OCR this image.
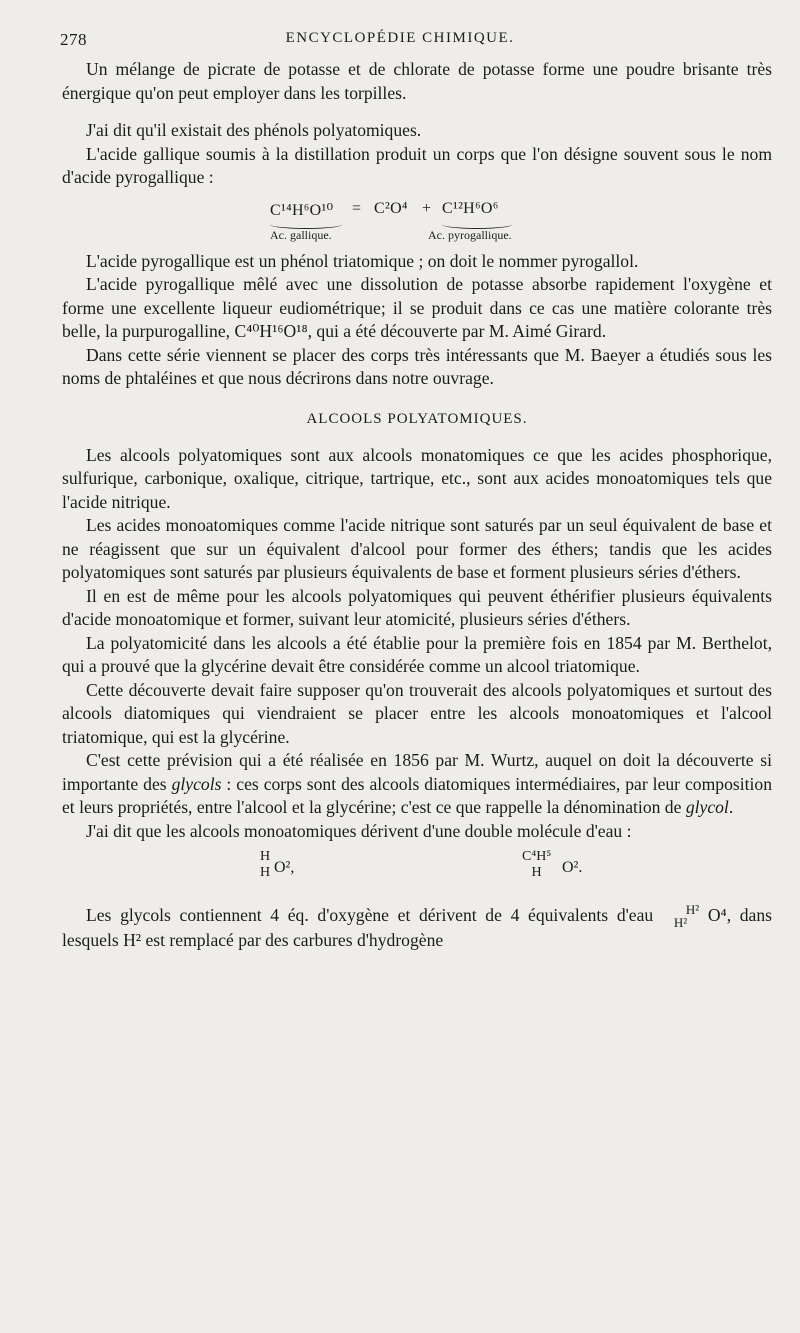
278	ENCYCLOPÉDIE CHIMIQUE.

Un mélange de picrate de potasse et de chlorate de potasse forme une poudre brisante très énergique qu'on peut employer dans les torpilles.

J'ai dit qu'il existait des phénols polyatomiques.

L'acide gallique soumis à la distillation produit un corps que l'on désigne souvent sous le nom d'acide pyrogallique :

C¹⁴H⁶O¹⁰
Ac. gallique.
= C²O⁴ + C¹²H⁶O⁶
Ac. pyrogallique.

L'acide pyrogallique est un phénol triatomique ; on doit le nommer pyrogallol.

L'acide pyrogallique mêlé avec une dissolution de potasse absorbe rapidement l'oxygène et forme une excellente liqueur eudiométrique; il se produit dans ce cas une matière colorante très belle, la purpurogalline, C⁴⁰H¹⁶O¹⁸, qui a été découverte par M. Aimé Girard.

Dans cette série viennent se placer des corps très intéressants que M. Baeyer a étudiés sous les noms de phtaléines et que nous décrirons dans notre ouvrage.

ALCOOLS POLYATOMIQUES.

Les alcools polyatomiques sont aux alcools monatomiques ce que les acides phosphorique, sulfurique, carbonique, oxalique, citrique, tartrique, etc., sont aux acides monoatomiques tels que l'acide nitrique.

Les acides monoatomiques comme l'acide nitrique sont saturés par un seul équivalent de base et ne réagissent que sur un équivalent d'alcool pour former des éthers; tandis que les acides polyatomiques sont saturés par plusieurs équivalents de base et forment plusieurs séries d'éthers.

Il en est de même pour les alcools polyatomiques qui peuvent éthérifier plusieurs équivalents d'acide monoatomique et former, suivant leur atomicité, plusieurs séries d'éthers.

La polyatomicité dans les alcools a été établie pour la première fois en 1854 par M. Berthelot, qui a prouvé que la glycérine devait être considérée comme un alcool triatomique.

Cette découverte devait faire supposer qu'on trouverait des alcools polyatomiques et surtout des alcools diatomiques qui viendraient se placer entre les alcools monoatomiques et l'alcool triatomique, qui est la glycérine.

C'est cette prévision qui a été réalisée en 1856 par M. Wurtz, auquel on doit la découverte si importante des glycols : ces corps sont des alcools diatomiques intermédiaires, par leur composition et leurs propriétés, entre l'alcool et la glycérine; c'est ce que rappelle la dénomination de glycol.

J'ai dit que les alcools monoatomiques dérivent d'une double molécule d'eau :

H
H O²,
C⁴H⁵
H	O².

Les glycols contiennent 4 éq. d'oxygène et dérivent de 4 équivalents d'eau	H²
H² O⁴, dans lesquels H² est remplacé par des carbures d'hydrogène
